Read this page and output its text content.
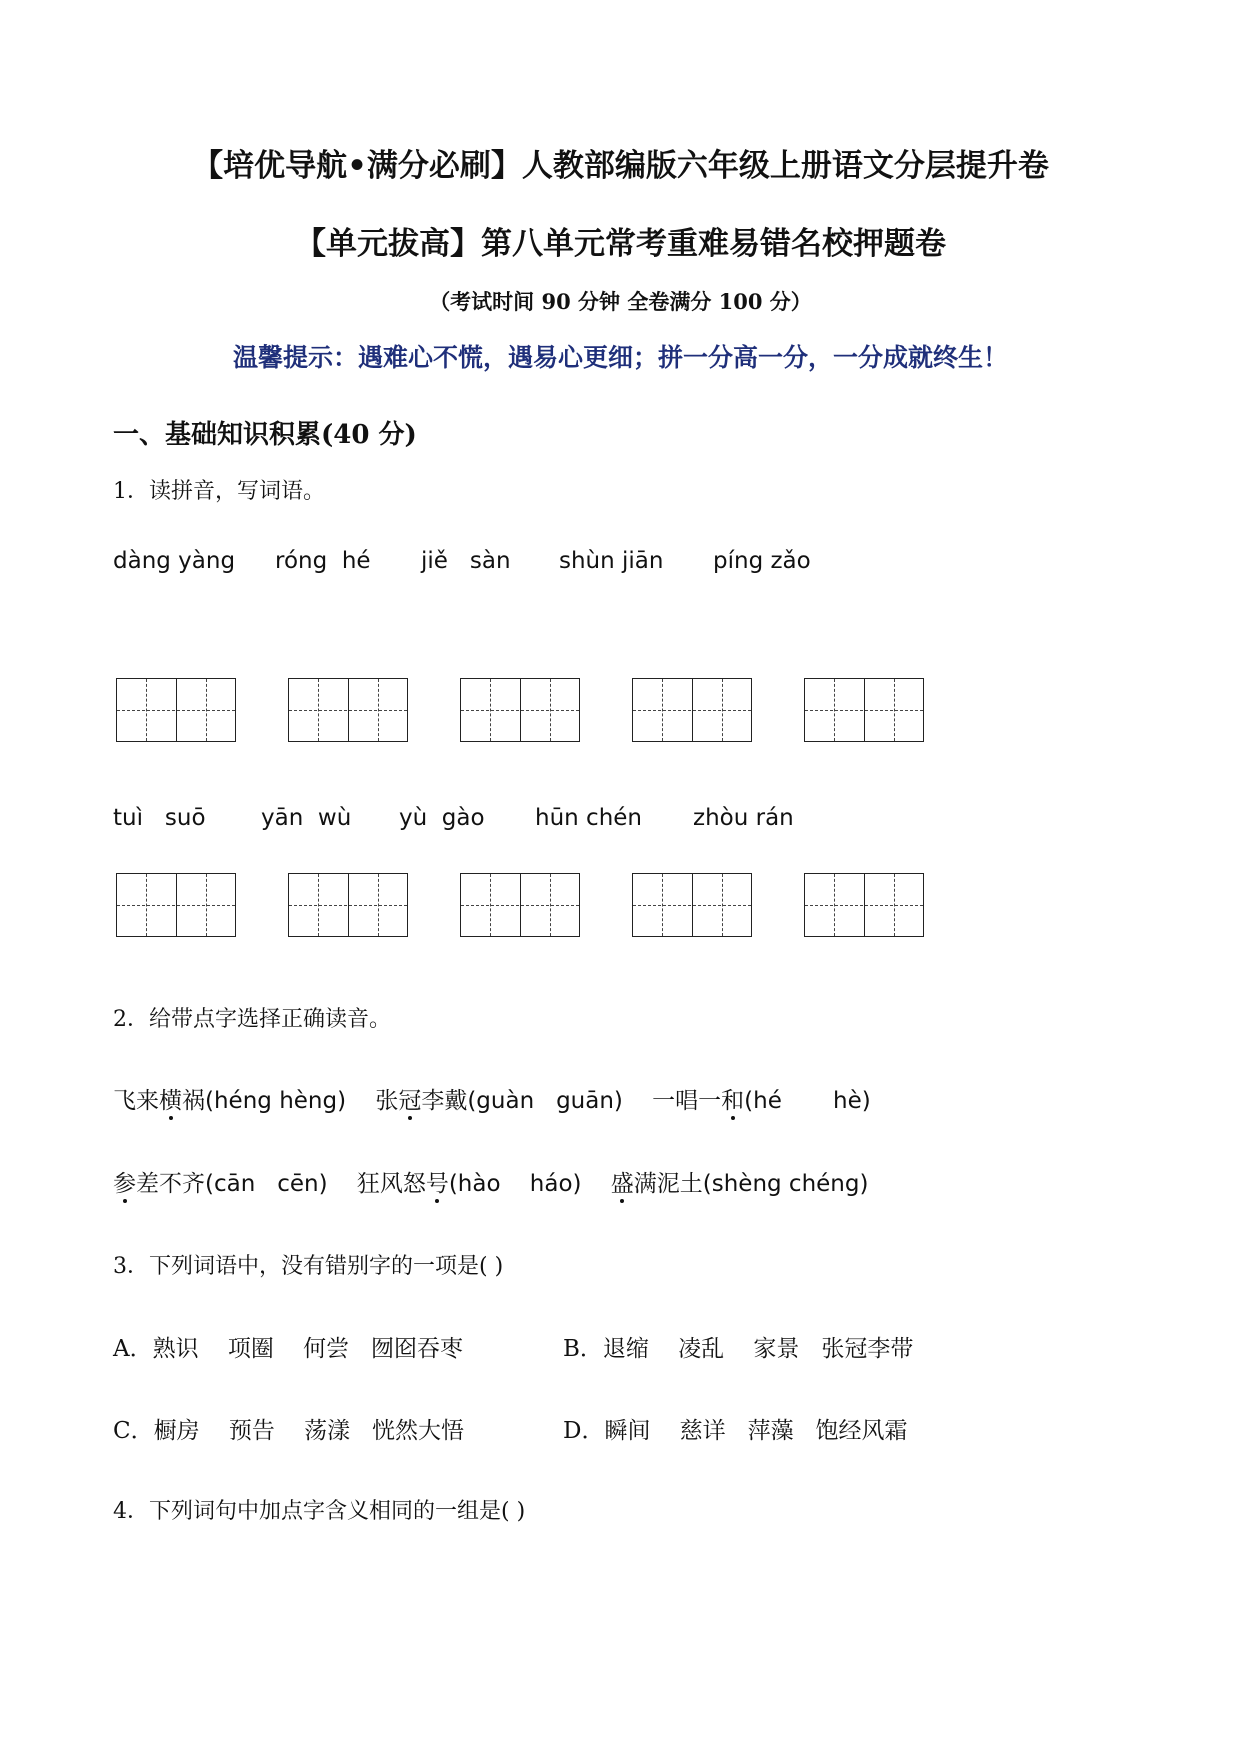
【培优导航•满分必刷】人教部编版六年级上册语文分层提升卷
【单元拔高】第八单元常考重难易错名校押题卷
（考试时间 90 分钟 全卷满分 100 分）
温馨提示：遇难心不慌，遇易心更细；拼一分高一分，一分成就终生！
一、基础知识积累(40 分)
1．读拼音，写词语。
dàng yàng róng  hé jiě   sàn shùn jiān píng zǎo
tuì   suō yān  wù yù  gào hūn chén zhòu rán
2．给带点字选择正确读音。
飞来横祸(héng hèng) 张冠李戴(guàn   guān) 一唱一和(hé       hè)
参差不齐(cān   cēn) 狂风怒号(hào    háo) 盛满泥土(shèng chéng)
3．下列词语中，没有错别字的一项是( )
A．熟识    项圈    何尝   囫囵吞枣	B．退缩    凌乱    家景   张冠李带
C．橱房    预告    荡漾   恍然大悟	D．瞬间    慈详   萍藻   饱经风霜
4．下列词句中加点字含义相同的一组是( )
